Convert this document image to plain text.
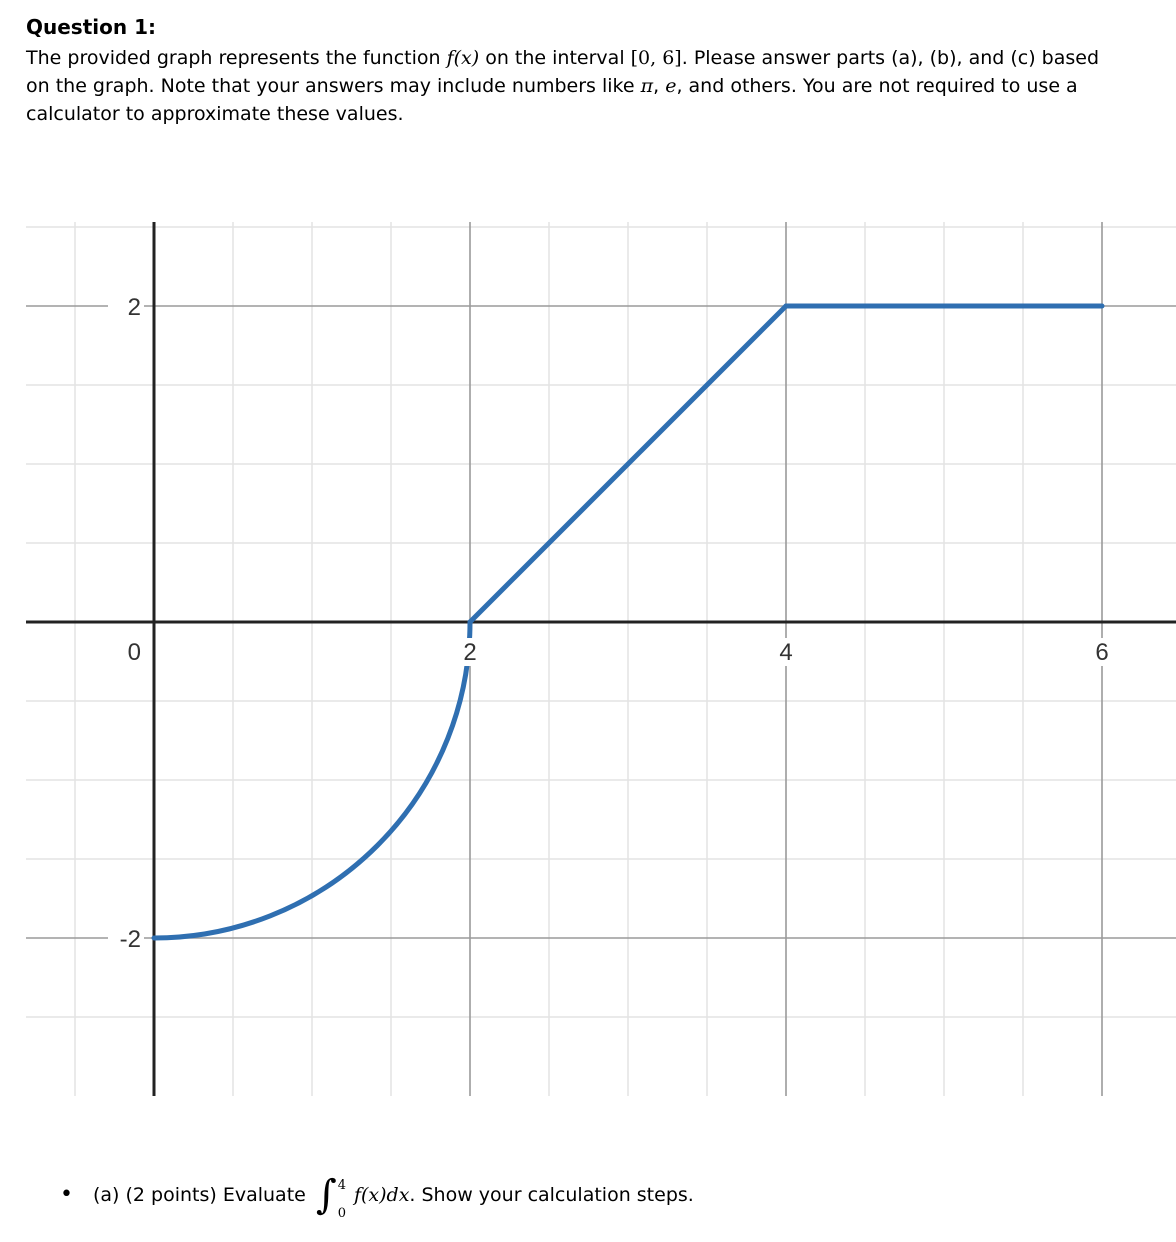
Question 1:

The provided graph represents the function f(x) on the interval [0, 6]. Please answer parts (a), (b), and (c) based on the graph. Note that your answers may include numbers like π, e, and others. You are not required to use a calculator to approximate these values.

2	4	6
2
0
-2
• (a) (2 points) Evaluate ∫ 4
0
f(x)dx . Show your calculation steps.
